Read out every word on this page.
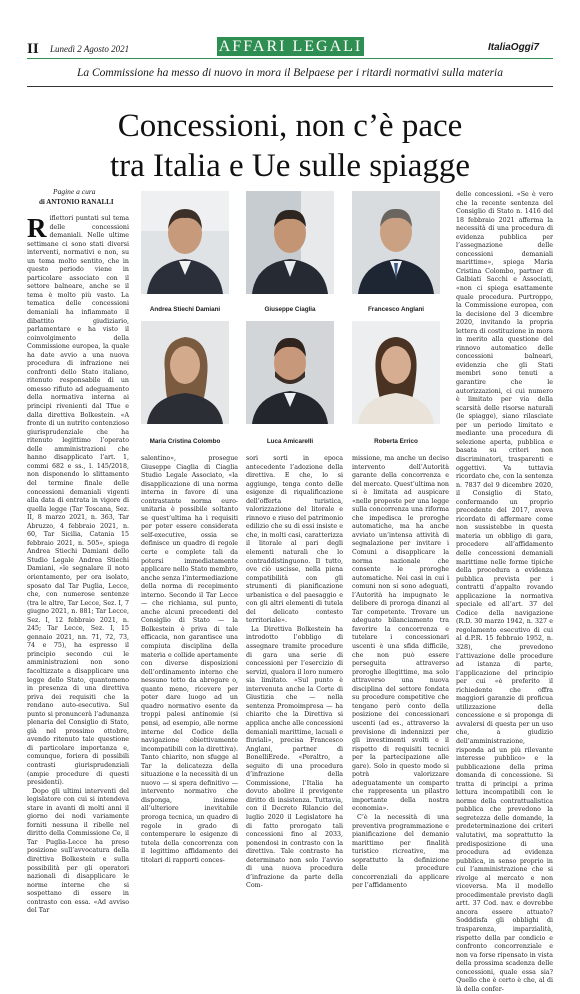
II Lunedì 2 Agosto 2021	AFFARI LEGALI	ItaliaOggi7
La Commissione ha messo di nuovo in mora il Belpaese per i ritardi normativi sulla materia
Concessioni, non c’è pace
tra Italia e Ue sulle spiagge
Pagine a cura
di ANTONIO RANALLI
Andrea Stiechi Damiani	Giuseppe Ciaglia	Francesco Anglani
Maria Cristina Colombo	Luca Amicarelli	Roberta Errico

Riflettori puntati sul tema delle concessioni demaniali. Nelle ultime settimane ci sono stati diversi interventi, normativi e non, su un tema molto sentito, che in questo periodo viene in particolare associato con il settore balneare, anche se il tema è molto più vasto. La tematica delle concessioni demaniali ha infiammato il dibattito giudiziario, parlamentare e ha visto il coinvolgimento della Commissione europea, la quale ha date avvio a una nuova procedura di infrazione nei confronti dello Stato italiano, ritenuto responsabile di un omesso rifiuto ad adeguamento della normativa interna ai principi rivenienti dal Tfue e dalla direttiva Bolkestein. «A fronte di un nutrito contenzioso giurisprudenziale che ha ritenuto legittimo l’operato delle amministrazioni che hanno disapplicato l’art. 1, commi 682 e ss., l. 145/2018, non disponendo lo slittamento del termine finale delle concessioni demaniali vigenti alla data di entrata in vigore di quella legge (Tar Toscana, Sez. II, 8 marzo 2021, n. 363, Tar Abruzzo, 4 febbraio 2021, n. 60, Tar Sicilia, Catania 15 febbraio 2021, n. 505», spiega Andrea Stiechi Damiani dello Studio Legale Andrea Stiechi Damiani, «le segnalare il noto orientamento, per ora isolato, sposato dal Tar Puglia, Lecce, che, con numerose sentenze (tra le altre, Tar Lecce, Sez. I, 7 giugno 2021, n. 881; Tar Lecce, Sez. I, 12 febbraio 2021, n. 245; Tar Lecce, Sez. I, 15 gennaio 2021, nn. 71, 72, 73, 74 e 75), ha espresso il principio secondo cui le amministrazioni non sono facoltizzate a disapplicare una legge dello Stato, quantomeno in presenza di una direttiva priva dei requisiti che la rendano auto-esecutiva. Sul punto si pronuncerà l’adunanza plenaria del Consiglio di Stato, già nel prossimo ottobre, avendo ritenuto tale questione di particolare importanza e, comunque, foriera di possibili contrasti giurisprudenziali (ampie procedure di questi presidenti).

Dopo gli ultimi interventi del legislatore con cui si intendeva stare in avanti di molti anni il giorno dei nodi variamente forniti nessuna il ribelle nel diritto della Commissione Ce, il Tar Puglia-Lecce ha preso posizione sull’avvocatura della direttiva Bolkestein e sulla possibilità per gli operatori nazionali di disapplicare le norme interne che si sospettano di essere in contrasto con essa. «Ad avviso del Tar

salentino», prosegue Giuseppe Ciaglia di Ciaglia Studio Legale Associato, «la disapplicazione di una norma interna in favore di una contrastante norma euro-unitaria è possibile soltanto se quest’ultima ha i requisiti per poter essere considerata self-executive, ossia se definisce un quadro di regole certe e complete tali da potersi immediatamente applicare nello Stato membro, anche senza l’intermediazione della norma di recepimento interno. Secondo il Tar Lecce — che richiama, sul punto, anche alcuni precedenti del Consiglio di Stato — la Bolkestein è priva di tale efficacia, non garantisce una compiuta disciplina della materia e collide apertamente con diverse disposizioni dell’ordinamento interno che nessuno tetto da abrogare o, quanto meno, ricevere per poter dare luogo ad un quadro normativo esente da troppi palesi antinomie (si pensi, ad esempio, alle norme interne del Codice della navigazione obiettivamente incompatibili con la direttiva). Tanto chiarito, non sfugge al Tar la delicatezza della situazione e la necessità di un nuovo — si spera definitivo — intervento normativo che disponga, insieme all’ulteriore inevitabile proroga tecnica, un quadro di regole in grado di contemperare le esigenze di tutela della concorrenza con il legittimo affidamento dei titolari di rapporti conces-

sori sorti in epoca antecedente l’adozione della direttiva. E che, lo si aggiunge, tenga conto delle esigenze di riqualificazione dell’offerta turistica, valorizzazione del litorale e rinnovo e riuso del patrimonio edilizio che su di essi insiste e che, in molti casi, caratterizza il litorale al pari degli elementi naturali che lo contraddistinguono. Il tutto, ove ciò uscisse, nella piena compatibilità con gli strumenti di pianificazione urbanistica e del paesaggio e con gli altri elementi di tutela del delicato contesto territoriale».

La Direttiva Bolkestein ha introdotto l’obbligo di assegnare tramite procedure di gara una serie di concessioni per l’esercizio di servizi, qualora il loro numero sia limitato. «Sul punto è intervenuta anche la Corte di Giustizia che — nella sentenza Promoimpresa — ha chiarito che la Direttiva si applica anche alle concessioni demaniali marittime, lacuali e fluviali», precisa Francesco Anglani, partner di BonelliErede. «Peraltro, a seguito di una procedura d’infrazione della Commissione, l’Italia ha dovuto abolire il previgente diritto di insistenza. Tuttavia, con il Decreto Rilancio del luglio 2020 il Legislatore ha di fatto prorogato tali concessioni fino al 2033, ponendosi in contrasto con la direttiva. Tale contrasto ha determinato non solo l’avvio di una nuova procedura d’infrazione da parte della Com-

missione, ma anche un deciso intervento dell’Autorità garante della concorrenza e del mercato. Quest’ultima non si è limitata ad auspicare «nelle proposte per una legge sulla concorrenza una riforma che impedisca le proroghe automatiche, ma ha anche avviato un’intensa attività di segnalazione per invitare i Comuni a disapplicare la norma nazionale che consente le proroghe automatiche. Nei casi in cui i comuni non si sono adeguati, l’Autorità ha impugnato le delibere di proroga dinanzi al Tar competente. Trovare un adeguato bilanciamento tra favorire la concorrenza e tutelare i concessionari uscenti è una sfida difficile, che non può essere perseguita attraverso proroghe illegittime, ma solo attraverso una nuova disciplina del settore fondata su procedure competitive che tengano però conto della posizione dei concessionari uscenti (ad es., attraverso la previsione di indennizzi per gli investimenti svolti e il rispetto di requisiti tecnici per la partecipazione alle gare). Solo in questo modo si potrà valorizzare adeguatamente un comparto che rappresenta un pilastro importante della nostra economia».

C’è la necessità di una preventiva programmazione e pianificazione del demanio marittimo per finalità turistico ricreative, ma soprattutto la definizione delle procedure concorrenziali da applicare per l’affidamento

delle concessioni. «Se è vero che la recente sentenza del Consiglio di Stato n. 1416 del 18 febbraio 2021 afferma la necessità di una procedura di evidenza pubblica per l’assegnazione delle concessioni demaniali marittime», spiega Maria Cristina Colombo, partner di Galbiati Sacchi e Associati, «non ci spiega esattamente quale procedura. Purtroppo, la Commissione europea, con la decisione del 3 dicembre 2020, invitando la propria lettera di costituzione in mora in merito alla questione del rinnovo automatico delle concessioni balneari, evidenzia che gli Stati membri sono tenuti a garantire che le autorizzazioni, ci cui numero è limitato per via della scarsità delle risorse naturali (le spiagge), siano rilasciate per un periodo limitato e mediante una procedura di selezione aperta, pubblica e basata su criteri non discriminatori, trasparenti e oggettivi. Va tuttavia ricordato che, con la sentenza n. 7837 del 9 dicembre 2020, il Consiglio di Stato, confermando un proprio precedente del 2017, aveva ricordato di affermare come non sussistebbe in questa materia un obbligo di gara, procedere all’affidamento delle concessioni demaniali marittime nelle forme tipiche della procedura a evidenza pubblica prevista per i contratti d’appalto rovando applicazione la normativa speciale ed all’art. 37 del Codice della navigazione (R.D. 30 marzo 1942, n. 327 e regolamento esecutivo di cui al d.P.R. 15 febbraio 1952, n. 328), che prevedono l’attivazione delle procedure ad istanza di parte, l’applicazione del principio per cui «è preferito il richiedente che offra maggiori garanzie di proficua utilizzazione della concessione e si proponga di avvalersi di questa per un uso che, a giudizio dell’amministrazione, risponda ad un più rilevante interesse pubblico» e la pubblicazione della prima domanda di concessione. Si tratta di principi a prima lettura incompatibili con le norme della contrattualistica pubblica che prevedono la segretezza delle domande, la predeterminazione dei criteri valutativi, ma soprattutto la predisposizione di una procedura ad evidenza pubblica, in senso proprio in cui l’amministrazione che si rivolge al mercato e non viceversa. Ma il modello procedimentale previsto dagli artt. 37 Cod. nav. e dovrebbe ancora essere attuato? Sodddisfa gli obblighi di trasparenza, imparzialità, rispetto della par condicio e confronto concorrenziale e non va forse ripensato in vista della prossima scadenza delle concessioni, quale essa sia? Quello che è certo è che, al di là della confer-
